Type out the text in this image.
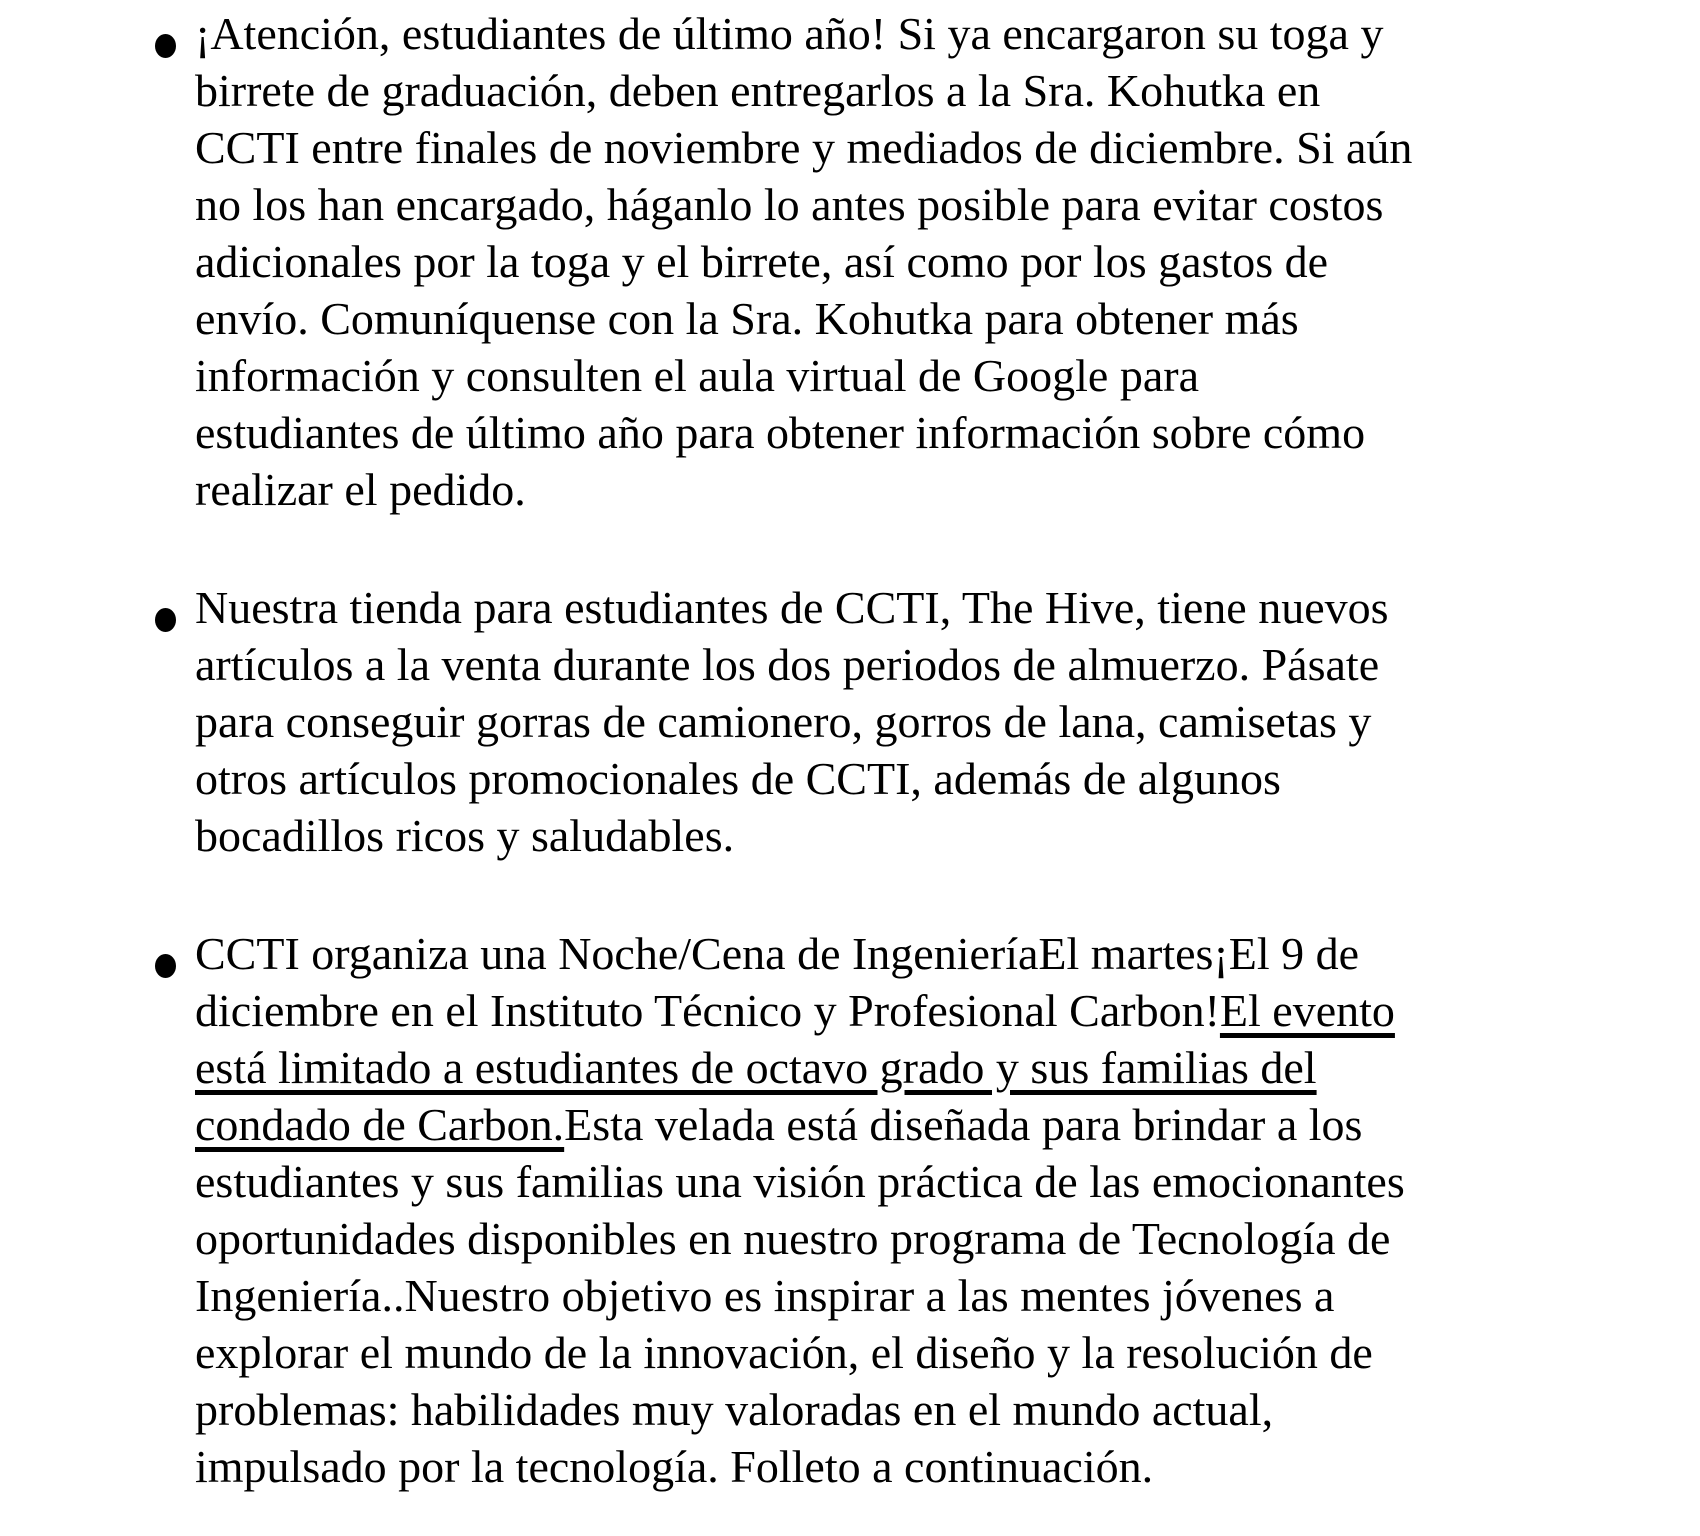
¡Atención, estudiantes de último año! Si ya encargaron su toga y
birrete de graduación, deben entregarlos a la Sra. Kohutka en
CCTI entre finales de noviembre y mediados de diciembre. Si aún
no los han encargado, háganlo lo antes posible para evitar costos
adicionales por la toga y el birrete, así como por los gastos de
envío. Comuníquense con la Sra. Kohutka para obtener más
información y consulten el aula virtual de Google para
estudiantes de último año para obtener información sobre cómo
realizar el pedido.
Nuestra tienda para estudiantes de CCTI, The Hive, tiene nuevos
artículos a la venta durante los dos periodos de almuerzo. Pásate
para conseguir gorras de camionero, gorros de lana, camisetas y
otros artículos promocionales de CCTI, además de algunos
bocadillos ricos y saludables.
CCTI organiza una Noche/Cena de IngenieríaEl martes¡El 9 de
diciembre en el Instituto Técnico y Profesional Carbon!El evento
está limitado a estudiantes de octavo grado y sus familias del
condado de Carbon.Esta velada está diseñada para brindar a los
estudiantes y sus familias una visión práctica de las emocionantes
oportunidades disponibles en nuestro programa de Tecnología de
Ingeniería..Nuestro objetivo es inspirar a las mentes jóvenes a
explorar el mundo de la innovación, el diseño y la resolución de
problemas: habilidades muy valoradas en el mundo actual,
impulsado por la tecnología. Folleto a continuación.
